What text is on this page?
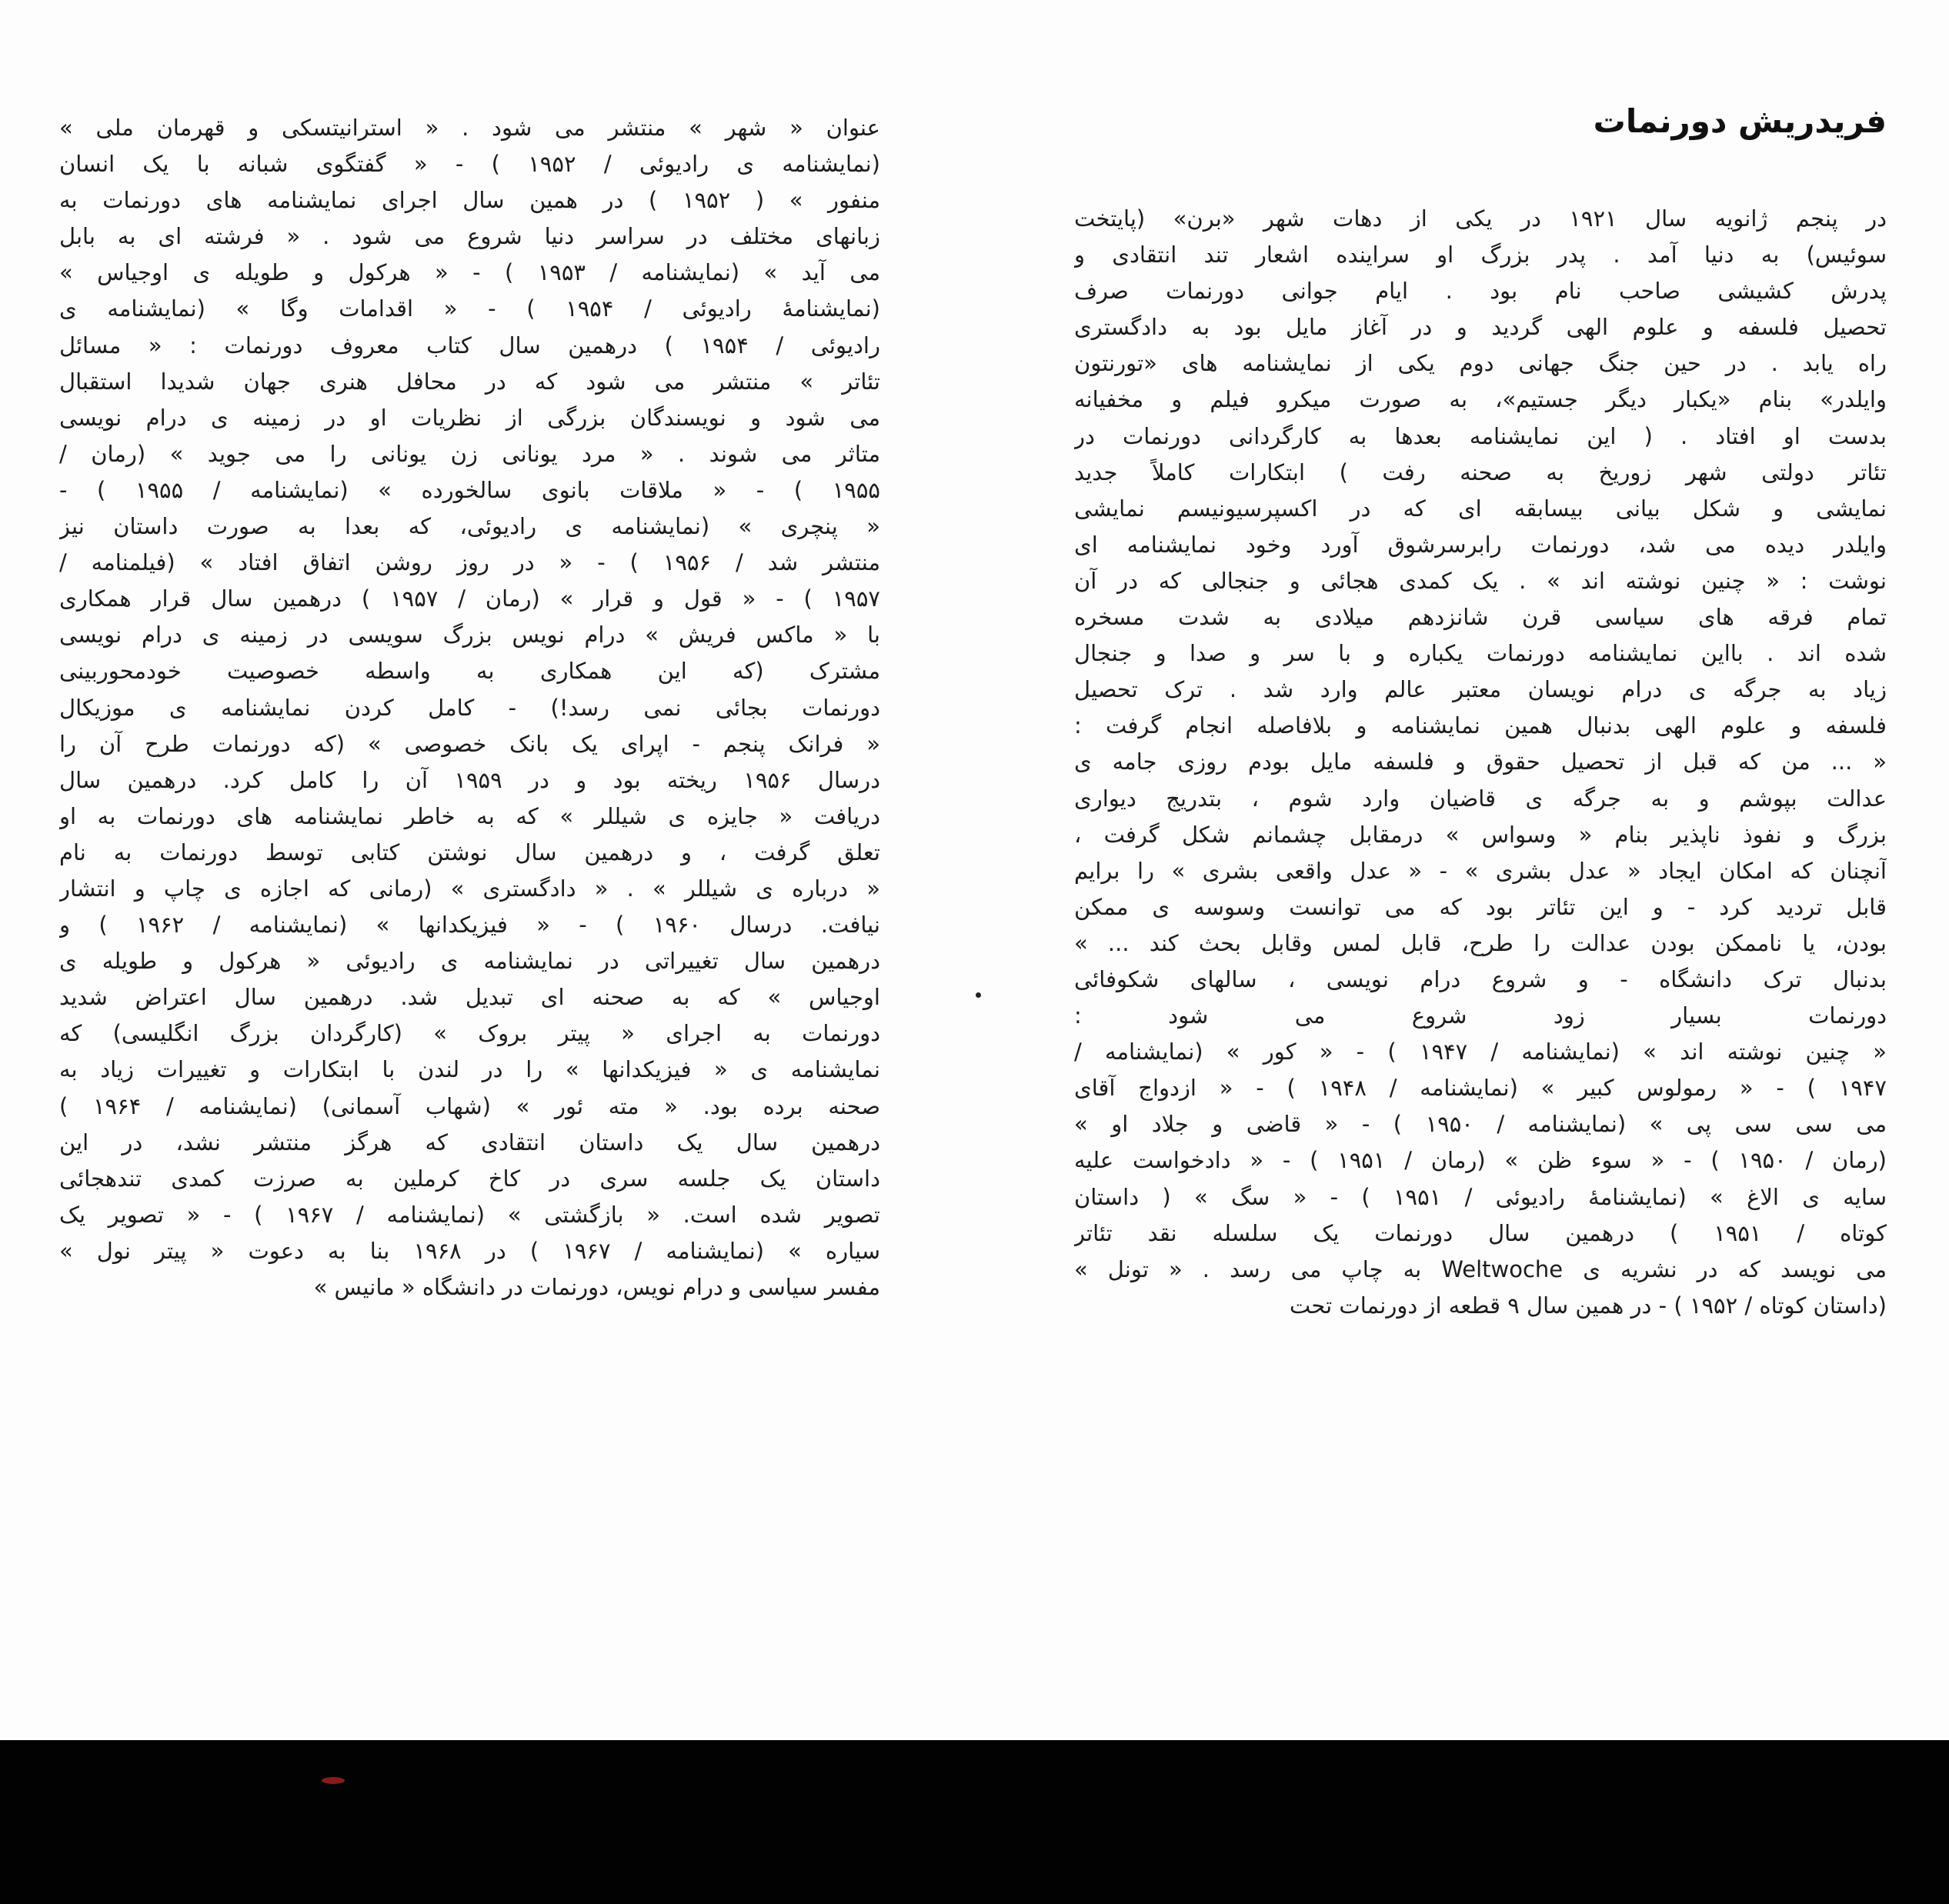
فریدریش دورنمات
در پنجم ژانویه سال ۱۹۲۱ در یکی از دهات شهر «برن» (پایتخت
سوئیس) به دنیا آمد . پدر بزرگ او سراینده اشعار تند انتقادی و
پدرش کشیشی صاحب نام بود . ایام جوانی دورنمات صرف
تحصیل فلسفه و علوم الهی گردید و در آغاز مایل بود به دادگستری
راه یابد . در حین جنگ جهانی دوم یکی از نمایشنامه های «تورنتون
وایلدر» بنام «یکبار دیگر جستیم»، به صورت میکرو فیلم و مخفیانه
بدست او افتاد . ( این نمایشنامه بعدها به کارگردانی دورنمات در
تئاتر دولتی شهر زوریخ به صحنه رفت ) ابتکارات کاملاً جدید
نمایشی و شکل بیانی بیسابقه ای که در اکسپرسیونیسم نمایشی
وایلدر دیده می شد، دورنمات رابرسرشوق آورد وخود نمایشنامه ای
نوشت : « چنین نوشته اند » . یک کمدی هجائی و جنجالی که در آن
تمام فرقه های سیاسی قرن شانزدهم میلادی به شدت مسخره
شده اند . بااین نمایشنامه دورنمات یکباره و با سر و صدا و جنجال
زیاد به جرگه ی درام نویسان معتبر عالم وارد شد . ترک تحصیل
فلسفه و علوم الهی بدنبال همین نمایشنامه و بلافاصله انجام گرفت :
« ... من که قبل از تحصیل حقوق و فلسفه مایل بودم روزی جامه ی
عدالت بپوشم و به جرگه ی قاضیان وارد شوم ، بتدریج دیواری
بزرگ و نفوذ ناپذیر بنام « وسواس » درمقابل چشمانم شکل گرفت ،
آنچنان که امکان ایجاد « عدل بشری » - « عدل واقعی بشری » را برایم
قابل تردید کرد - و این تئاتر بود که می توانست وسوسه ی ممکن
بودن، یا ناممکن بودن عدالت را طرح، قابل لمس وقابل بحث کند ... »
بدنبال ترک دانشگاه - و شروع درام نویسی ، سالهای شکوفائی
دورنمات بسیار زود شروع می شود :
« چنین نوشته اند » (نمایشنامه / ۱۹۴۷ ) - « کور » (نمایشنامه /
۱۹۴۷ ) - « رمولوس کبیر » (نمایشنامه / ۱۹۴۸ ) - « ازدواج آقای
می سی سی پی » (نمایشنامه / ۱۹۵۰ ) - « قاضی و جلاد او »
(رمان / ۱۹۵۰ ) - « سوء ظن » (رمان / ۱۹۵۱ ) - « دادخواست علیه
سایه ی الاغ » (نمایشنامهٔ رادیوئی / ۱۹۵۱ ) - « سگ » ( داستان
کوتاه / ۱۹۵۱ ) درهمین سال دورنمات یک سلسله نقد تئاتر
می نویسد که در نشریه ی Weltwoche به چاپ می رسد . « تونل »
(داستان کوتاه / ۱۹۵۲ ) - در همین سال ۹ قطعه از دورنمات تحت
عنوان « شهر » منتشر می شود . « استرانیتسکی و قهرمان ملی »
(نمایشنامه ی رادیوئی / ۱۹۵۲ ) - « گفتگوی شبانه با یک انسان
منفور » ( ۱۹۵۲ ) در همین سال اجرای نمایشنامه های دورنمات به
زبانهای مختلف در سراسر دنیا شروع می شود . « فرشته ای به بابل
می آید » (نمایشنامه / ۱۹۵۳ ) - « هرکول و طویله ی اوجیاس »
(نمایشنامهٔ رادیوئی / ۱۹۵۴ ) - « اقدامات وگا » (نمایشنامه ی
رادیوئی / ۱۹۵۴ ) درهمین سال کتاب معروف دورنمات : « مسائل
تئاتر » منتشر می شود که در محافل هنری جهان شدیدا استقبال
می شود و نویسندگان بزرگی از نظریات او در زمینه ی درام نویسی
متاثر می شوند . « مرد یونانی زن یونانی را می جوید » (رمان /
۱۹۵۵ ) - « ملاقات بانوی سالخورده » (نمایشنامه / ۱۹۵۵ ) -
« پنچری » (نمایشنامه ی رادیوئی، که بعدا به صورت داستان نیز
منتشر شد / ۱۹۵۶ ) - « در روز روشن اتفاق افتاد » (فیلمنامه /
۱۹۵۷ ) - « قول و قرار » (رمان / ۱۹۵۷ ) درهمین سال قرار همکاری
با « ماکس فریش » درام نویس بزرگ سویسی در زمینه ی درام نویسی
مشترک (که این همکاری به واسطه خصوصیت خودمحوربینی
دورنمات بجائی نمی رسد!) - کامل کردن نمایشنامه ی موزیکال
« فرانک پنجم - اپرای یک بانک خصوصی » (که دورنمات طرح آن را
درسال ۱۹۵۶ ریخته بود و در ۱۹۵۹ آن را کامل کرد. درهمین سال
دریافت « جایزه ی شیللر » که به خاطر نمایشنامه های دورنمات به او
تعلق گرفت ، و درهمین سال نوشتن کتابی توسط دورنمات به نام
« درباره ی شیللر » . « دادگستری » (رمانی که اجازه ی چاپ و انتشار
نیافت. درسال ۱۹۶۰ ) - « فیزیکدانها » (نمایشنامه / ۱۹۶۲ ) و
درهمین سال تغییراتی در نمایشنامه ی رادیوئی « هرکول و طویله ی
اوجیاس » که به صحنه ای تبدیل شد. درهمین سال اعتراض شدید
دورنمات به اجرای « پیتر بروک » (کارگردان بزرگ انگلیسی) که
نمایشنامه ی « فیزیکدانها » را در لندن با ابتکارات و تغییرات زیاد به
صحنه برده بود. « مته ئور » (شهاب آسمانی) (نمایشنامه / ۱۹۶۴ )
درهمین سال یک داستان انتقادی که هرگز منتشر نشد، در این
داستان یک جلسه سری در کاخ کرملین به صرزت کمدی تندهجائی
تصویر شده است. « بازگشتی » (نمایشنامه / ۱۹۶۷ ) - « تصویر یک
سیاره » (نمایشنامه / ۱۹۶۷ ) در ۱۹۶۸ بنا به دعوت « پیتر نول »
مفسر سیاسی و درام نویس، دورنمات در دانشگاه « مانیس »
